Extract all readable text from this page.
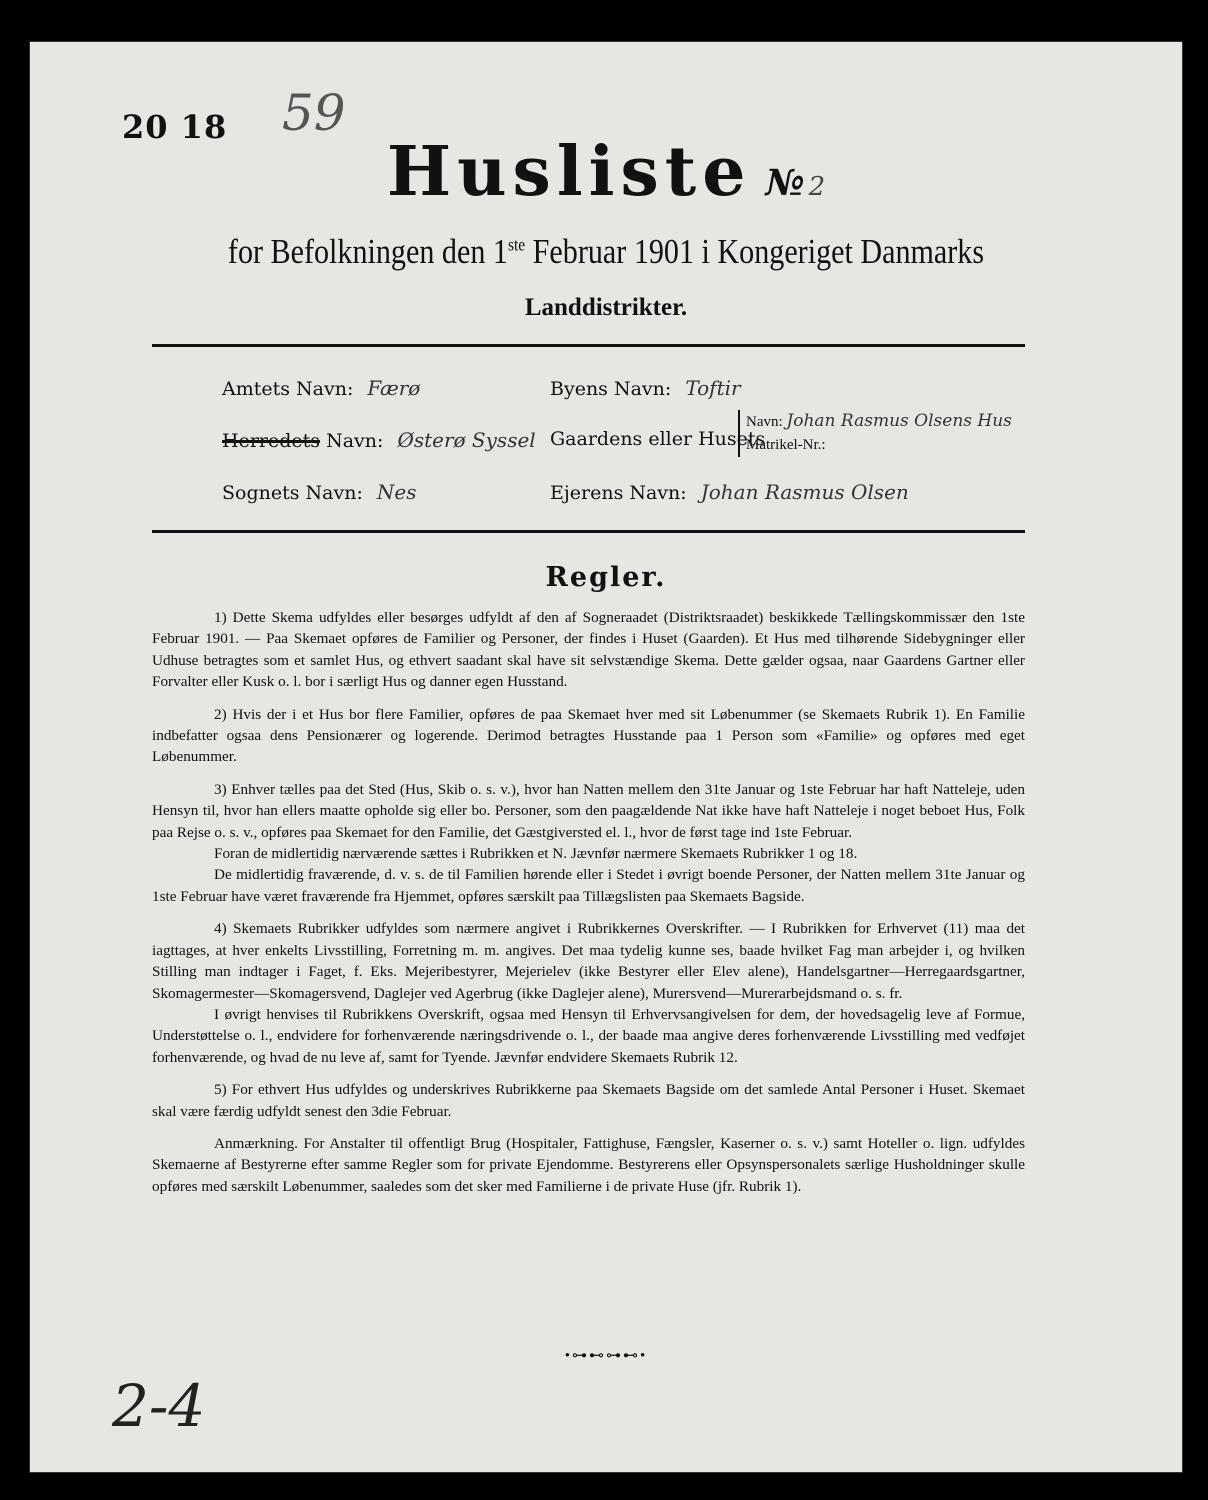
20 18 59
Husliste № 2
for Befolkningen den 1ste Februar 1901 i Kongeriget Danmarks
Landdistrikter.
Amtets Navn: Færø
Herredets Navn: Østerø Syssel
Sognets Navn: Nes
Byens Navn: Toftir
Gaardens eller Husets
Navn: Johan Rasmus Olsens Hus
Matrikel-Nr.:
Ejerens Navn: Johan Rasmus Olsen
Regler.

1) Dette Skema udfyldes eller besørges udfyldt af den af Sogneraadet (Distriktsraadet) beskikkede Tællingskommissær den 1ste Februar 1901. — Paa Skemaet opføres de Familier og Personer, der findes i Huset (Gaarden). Et Hus med tilhørende Sidebygninger eller Udhuse betragtes som et samlet Hus, og ethvert saadant skal have sit selvstændige Skema. Dette gælder ogsaa, naar Gaardens Gartner eller Forvalter eller Kusk o. l. bor i særligt Hus og danner egen Husstand.

2) Hvis der i et Hus bor flere Familier, opføres de paa Skemaet hver med sit Løbenummer (se Skemaets Rubrik 1). En Familie indbefatter ogsaa dens Pensionærer og logerende. Derimod betragtes Husstande paa 1 Person som «Familie» og opføres med eget Løbenummer.

3) Enhver tælles paa det Sted (Hus, Skib o. s. v.), hvor han Natten mellem den 31te Januar og 1ste Februar har haft Natteleje, uden Hensyn til, hvor han ellers maatte opholde sig eller bo. Personer, som den paagældende Nat ikke have haft Natteleje i noget beboet Hus, Folk paa Rejse o. s. v., opføres paa Skemaet for den Familie, det Gæstgiversted el. l., hvor de først tage ind 1ste Februar.

Foran de midlertidig nærværende sættes i Rubrikken et N. Jævnfør nærmere Skemaets Rubrikker 1 og 18.

De midlertidig fraværende, d. v. s. de til Familien hørende eller i Stedet i øvrigt boende Personer, der Natten mellem 31te Januar og 1ste Februar have været fraværende fra Hjemmet, opføres særskilt paa Tillægslisten paa Skemaets Bagside.

4) Skemaets Rubrikker udfyldes som nærmere angivet i Rubrikkernes Overskrifter. — I Rubrikken for Erhvervet (11) maa det iagttages, at hver enkelts Livsstilling, Forretning m. m. angives. Det maa tydelig kunne ses, baade hvilket Fag man arbejder i, og hvilken Stilling man indtager i Faget, f. Eks. Mejeribestyrer, Mejerielev (ikke Bestyrer eller Elev alene), Handelsgartner—Herregaardsgartner, Skomagermester—Skomagersvend, Daglejer ved Agerbrug (ikke Daglejer alene), Murersvend—Murerarbejdsmand o. s. fr.

I øvrigt henvises til Rubrikkens Overskrift, ogsaa med Hensyn til Erhvervsangivelsen for dem, der hovedsagelig leve af Formue, Understøttelse o. l., endvidere for forhenværende næringsdrivende o. l., der baade maa angive deres forhenværende Livsstilling med vedføjet forhenværende, og hvad de nu leve af, samt for Tyende. Jævnfør endvidere Skemaets Rubrik 12.

5) For ethvert Hus udfyldes og underskrives Rubrikkerne paa Skemaets Bagside om det samlede Antal Personer i Huset. Skemaet skal være færdig udfyldt senest den 3die Februar.

Anmærkning. For Anstalter til offentligt Brug (Hospitaler, Fattighuse, Fængsler, Kaserner o. s. v.) samt Hoteller o. lign. udfyldes Skemaerne af Bestyrerne efter samme Regler som for private Ejendomme. Bestyrerens eller Opsynspersonalets særlige Husholdninger skulle opføres med særskilt Løbenummer, saaledes som det sker med Familierne i de private Huse (jfr. Rubrik 1).

•⊶⊷⊶⊷•
2-4
